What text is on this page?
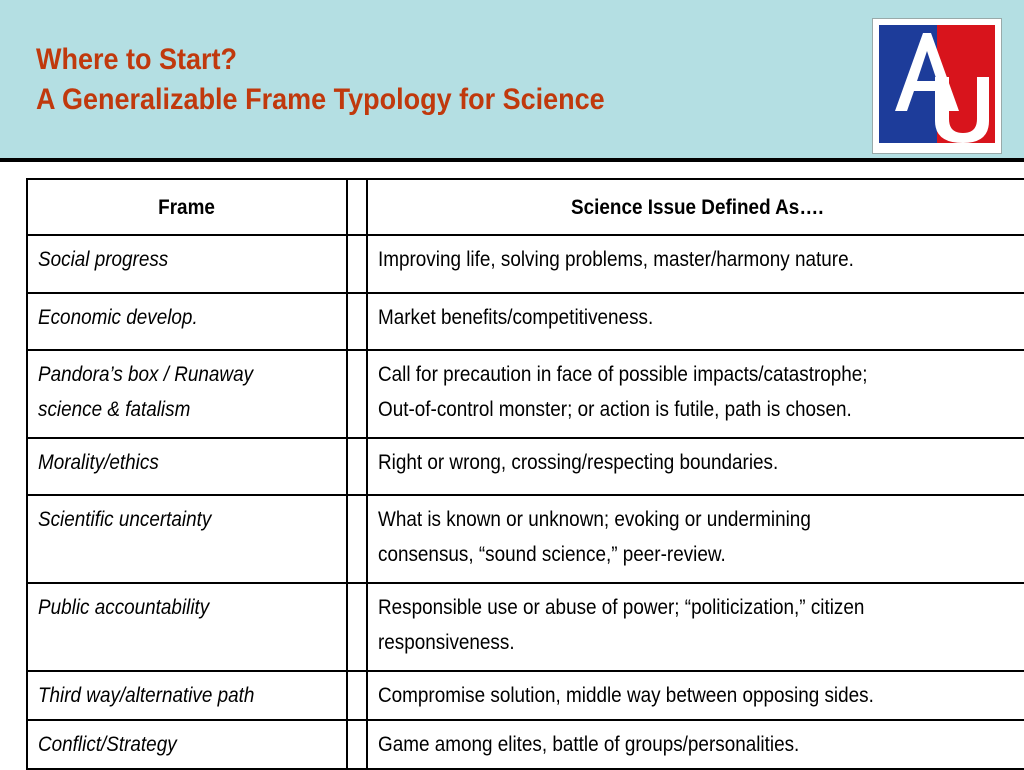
Where to Start?
A Generalizable Frame Typology for Science
Frame		Science Issue Defined As….
Social progress		Improving life, solving problems, master/harmony nature.
Economic develop.		Market benefits/competitiveness.
Pandora’s box / Runaway
science & fatalism		Call for precaution in face of possible impacts/catastrophe;
Out-of-control monster; or action is futile, path is chosen.
Morality/ethics		Right or wrong, crossing/respecting boundaries.
Scientific uncertainty		What is known or unknown; evoking or undermining
consensus, “sound science,” peer-review.
Public accountability		Responsible use or abuse of power; “politicization,” citizen
responsiveness.
Third way/alternative path		Compromise solution, middle way between opposing sides.
Conflict/Strategy		Game among elites, battle of groups/personalities.
